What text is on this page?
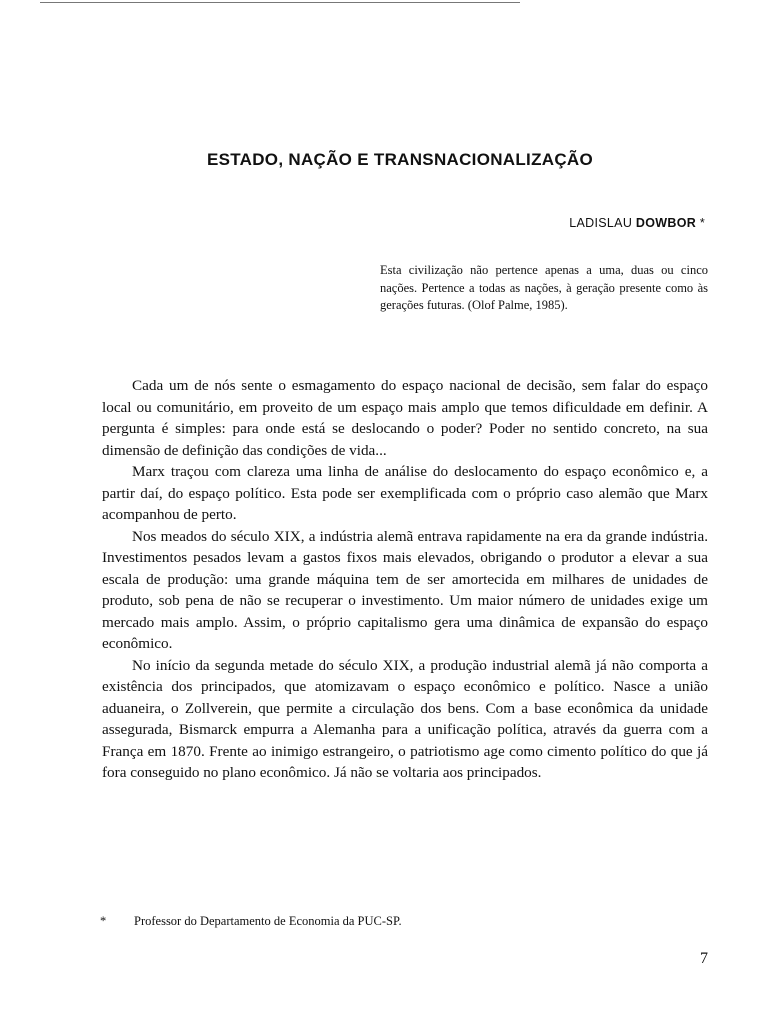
ESTADO, NAÇÃO E TRANSNACIONALIZAÇÃO

LADISLAU DOWBOR *

Esta civilização não pertence apenas a uma, duas ou cinco nações. Pertence a todas as nações, à geração presente como às gerações futuras. (Olof Palme, 1985).

Cada um de nós sente o esmagamento do espaço nacional de decisão, sem falar do espaço local ou comunitário, em proveito de um espaço mais amplo que temos dificuldade em definir. A pergunta é simples: para onde está se deslocando o poder? Poder no sentido concreto, na sua dimensão de definição das condições de vida...

Marx traçou com clareza uma linha de análise do deslocamento do espaço econômico e, a partir daí, do espaço político. Esta pode ser exemplificada com o próprio caso alemão que Marx acompanhou de perto.

Nos meados do século XIX, a indústria alemã entrava rapidamente na era da grande indústria. Investimentos pesados levam a gastos fixos mais elevados, obrigando o produtor a elevar a sua escala de produção: uma grande máquina tem de ser amortecida em milhares de unidades de produto, sob pena de não se recuperar o investimento. Um maior número de unidades exige um mercado mais amplo. Assim, o próprio capitalismo gera uma dinâmica de expansão do espaço econômico.

No início da segunda metade do século XIX, a produção industrial alemã já não comporta a existência dos principados, que atomizavam o espaço econômico e político. Nasce a união aduaneira, o Zollverein, que permite a circulação dos bens. Com a base econômica da unidade assegurada, Bismarck empurra a Alemanha para a unificação política, através da guerra com a França em 1870. Frente ao inimigo estrangeiro, o patriotismo age como cimento político do que já fora conseguido no plano econômico. Já não se voltaria aos principados.

* Professor do Departamento de Economia da PUC-SP.

7
